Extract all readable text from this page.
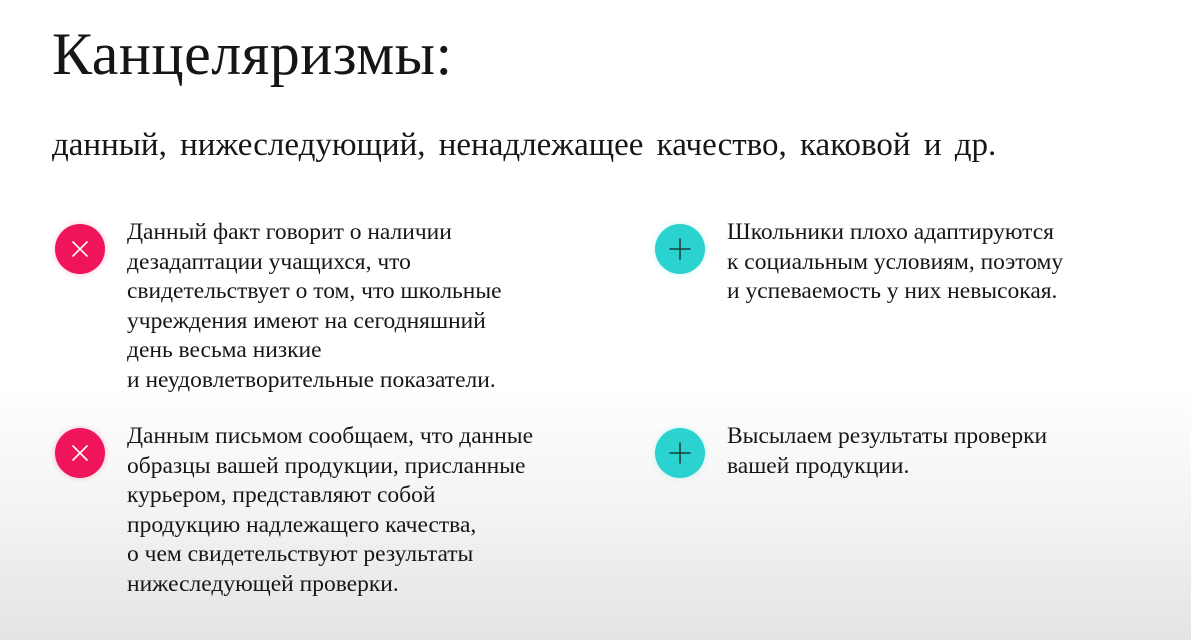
Канцеляризмы:

данный, нижеследующий, ненадлежащее качество, каковой и др.

Данный факт говорит о наличии
дезадаптации учащихся, что
свидетельствует о том, что школьные
учреждения имеют на сегодняшний
день весьма низкие
и неудовлетворительные показатели.

Школьники плохо адаптируются
к социальным условиям, поэтому
и успеваемость у них невысокая.

Данным письмом сообщаем, что данные
образцы вашей продукции, присланные
курьером, представляют собой
продукцию надлежащего качества,
о чем свидетельствуют результаты
нижеследующей проверки.

Высылаем результаты проверки
вашей продукции.
